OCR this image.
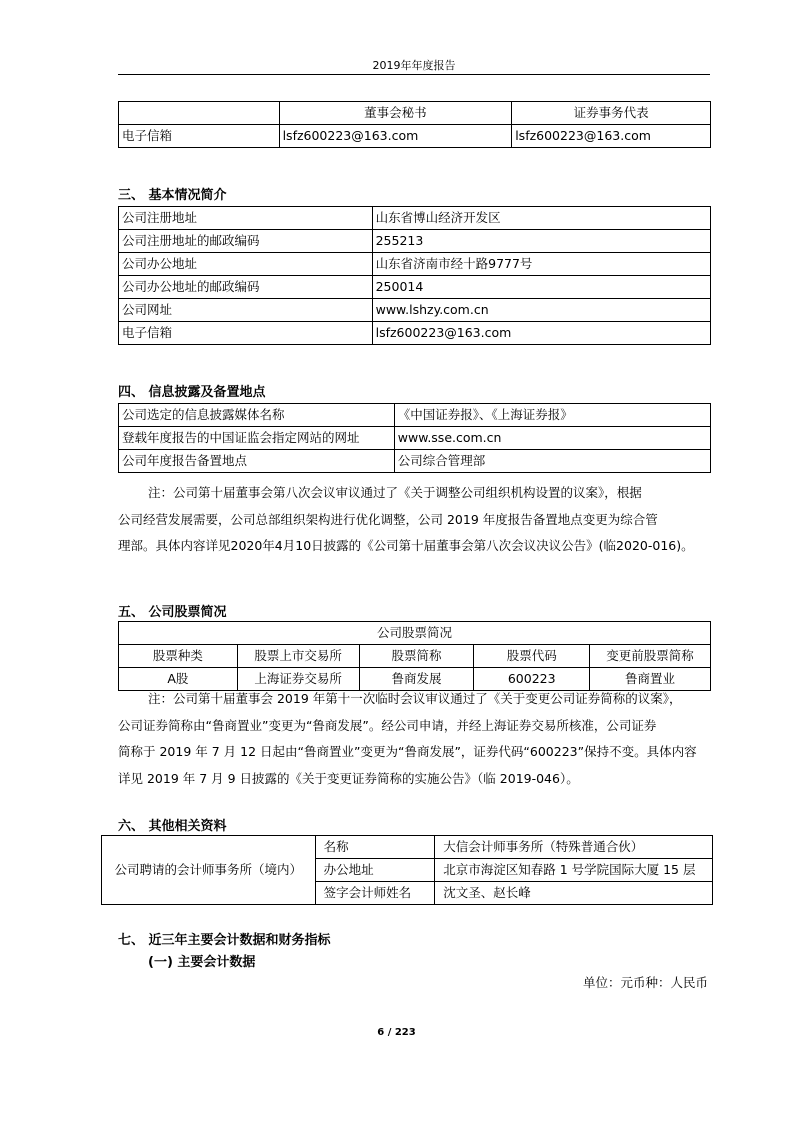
2019年年度报告
	董事会秘书	证券事务代表
电子信箱	lsfz600223@163.com	lsfz600223@163.com
三、 基本情况简介
公司注册地址	山东省博山经济开发区
公司注册地址的邮政编码	255213
公司办公地址	山东省济南市经十路9777号
公司办公地址的邮政编码	250014
公司网址	www.lshzy.com.cn
电子信箱	lsfz600223@163.com
四、 信息披露及备置地点
公司选定的信息披露媒体名称	《中国证券报》、《上海证券报》
登载年度报告的中国证监会指定网站的网址	www.sse.com.cn
公司年度报告备置地点	公司综合管理部

注：公司第十届董事会第八次会议审议通过了《关于调整公司组织机构设置的议案》，根据

公司经营发展需要，公司总部组织架构进行优化调整，公司 2019 年度报告备置地点变更为综合管

理部。具体内容详见2020年4月10日披露的《公司第十届董事会第八次会议决议公告》(临2020-016)。

五、 公司股票简况
公司股票简况				
股票种类	股票上市交易所	股票简称	股票代码	变更前股票简称
A股	上海证券交易所	鲁商发展	600223	鲁商置业

注：公司第十届董事会 2019 年第十一次临时会议审议通过了《关于变更公司证券简称的议案》，

公司证券简称由“鲁商置业”变更为“鲁商发展”。经公司申请，并经上海证券交易所核准，公司证券

简称于 2019 年 7 月 12 日起由“鲁商置业”变更为“鲁商发展”，证券代码“600223”保持不变。具体内容

详见 2019 年 7 月 9 日披露的《关于变更证券简称的实施公告》（临 2019-046）。

六、 其他相关资料
公司聘请的会计师事务所（境内）	名称	大信会计师事务所（特殊普通合伙）
	办公地址	北京市海淀区知春路 1 号学院国际大厦 15 层
	签字会计师姓名	沈文圣、赵长峰
七、 近三年主要会计数据和财务指标
(一) 主要会计数据
单位：元币种：人民币
6 / 223
